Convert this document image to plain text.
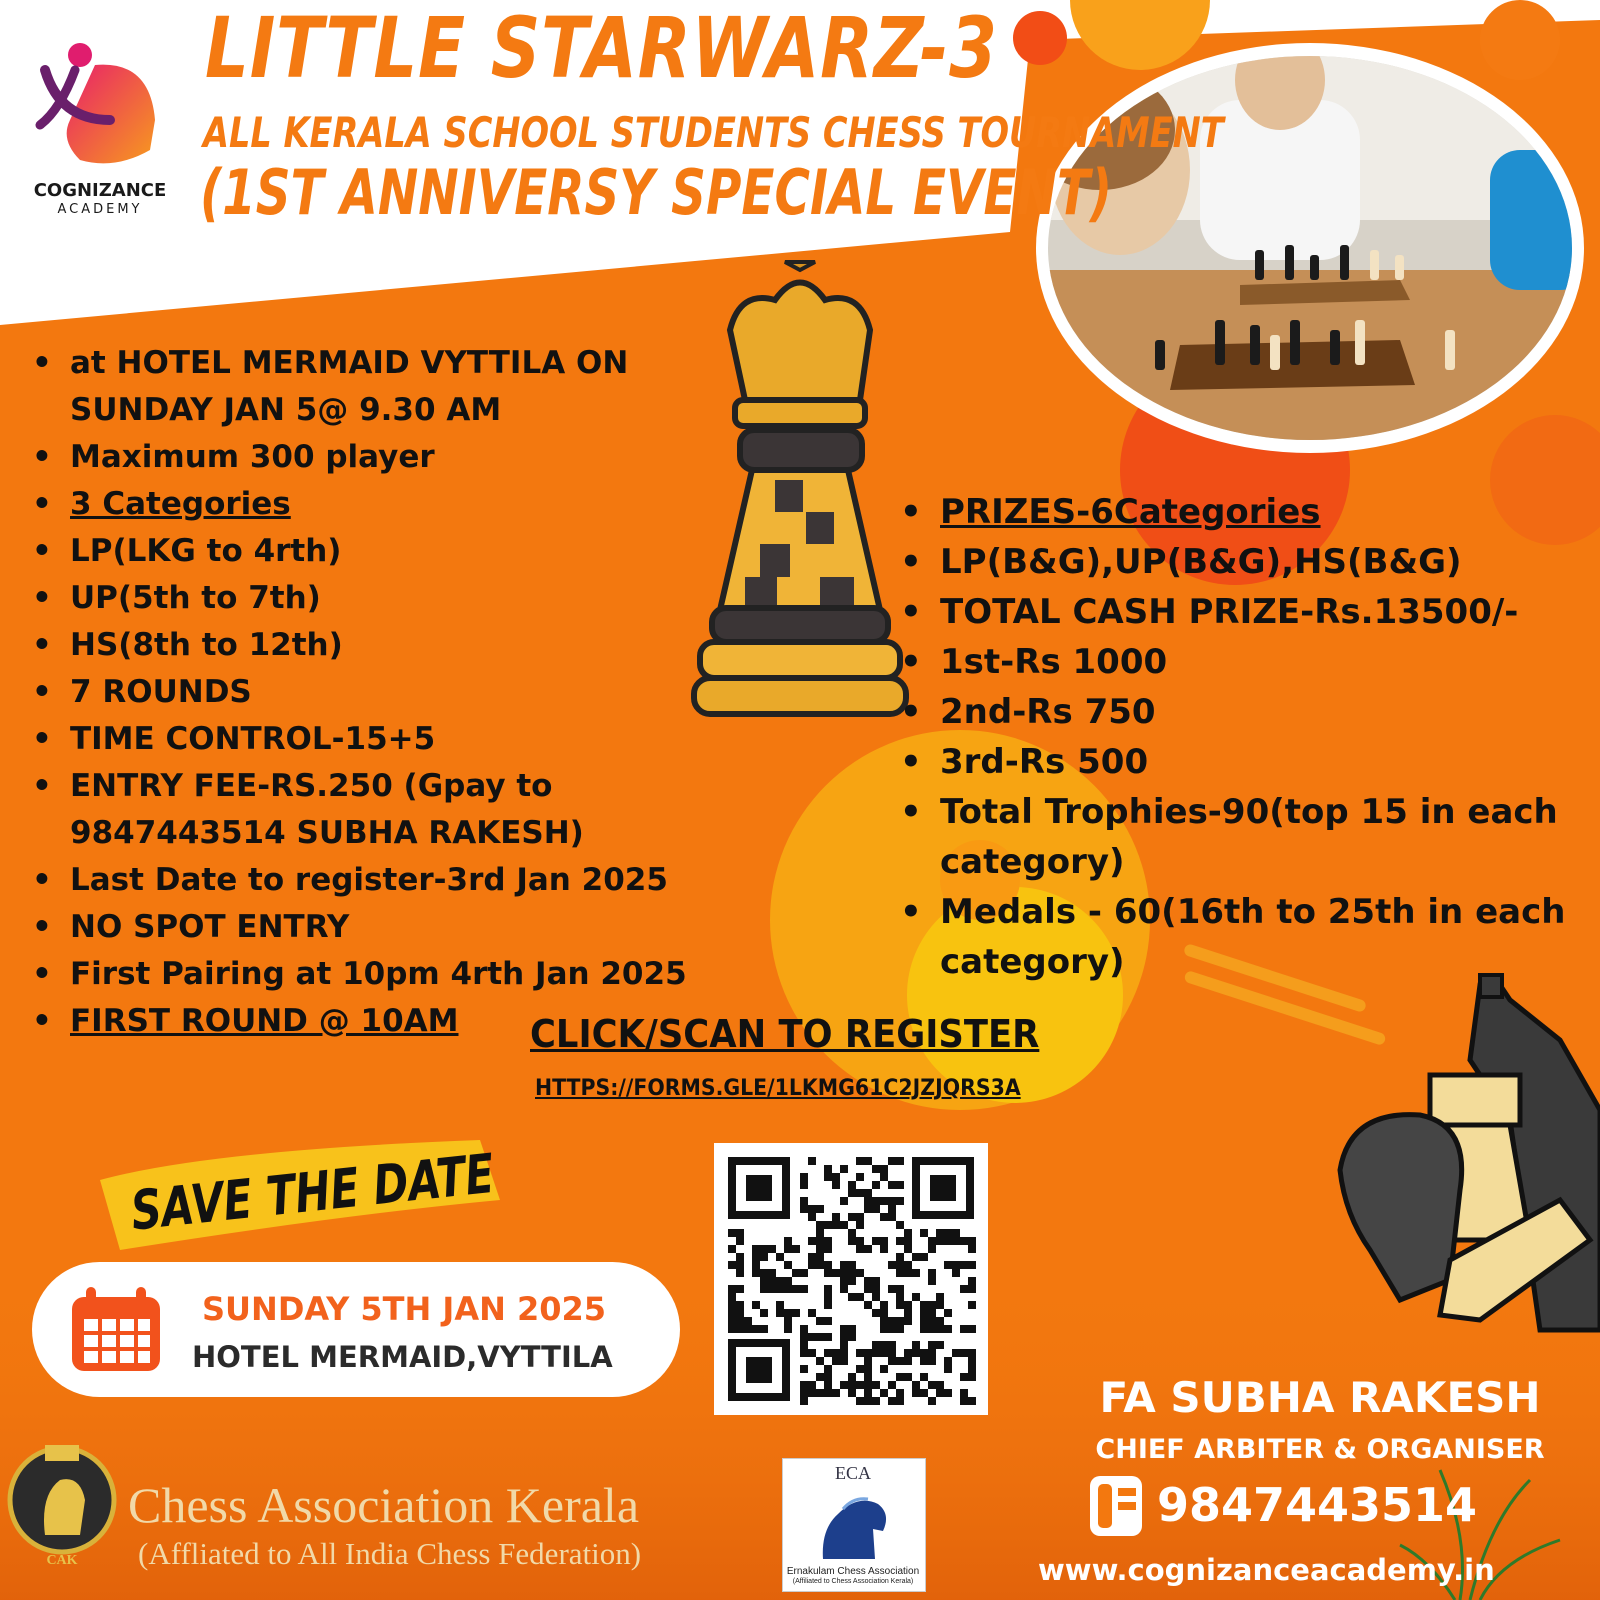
CAK
LITTLE STARWARZ-3
ALL KERALA SCHOOL STUDENTS CHESS TOURNAMENT
(1ST ANNIVERSY SPECIAL EVENT)
COGNIZANCE
ACADEMY
• at HOTEL MERMAID VYTTILA ON SUNDAY JAN 5@ 9.30 AM
• Maximum 300 player
• 3 Categories
• LP(LKG to 4rth)
• UP(5th to 7th)
• HS(8th to 12th)
• 7 ROUNDS
• TIME CONTROL-15+5
• ENTRY FEE-RS.250 (Gpay to 9847443514 SUBHA RAKESH)
• Last Date to register-3rd Jan 2025
• NO SPOT ENTRY
• First Pairing at 10pm 4rth Jan 2025
• FIRST ROUND @ 10AM
• PRIZES-6Categories
• LP(B&G),UP(B&G),HS(B&G)
• TOTAL CASH PRIZE-Rs.13500/-
• 1st-Rs 1000
• 2nd-Rs 750
• 3rd-Rs 500
• Total Trophies-90(top 15 in each category)
• Medals - 60(16th to 25th in each category)
CLICK/SCAN TO REGISTER
HTTPS://FORMS.GLE/1LKMG61C2JZJQRS3A
SAVE THE DATE
SUNDAY 5TH JAN 2025
HOTEL MERMAID,VYTTILA
FA SUBHA RAKESH
CHIEF ARBITER & ORGANISER
9847443514
www.cognizanceacademy.in
Chess Association Kerala
(Affliated to All India Chess Federation)
ECA
Ernakulam Chess Association
(Affiliated to Chess Association Kerala)
